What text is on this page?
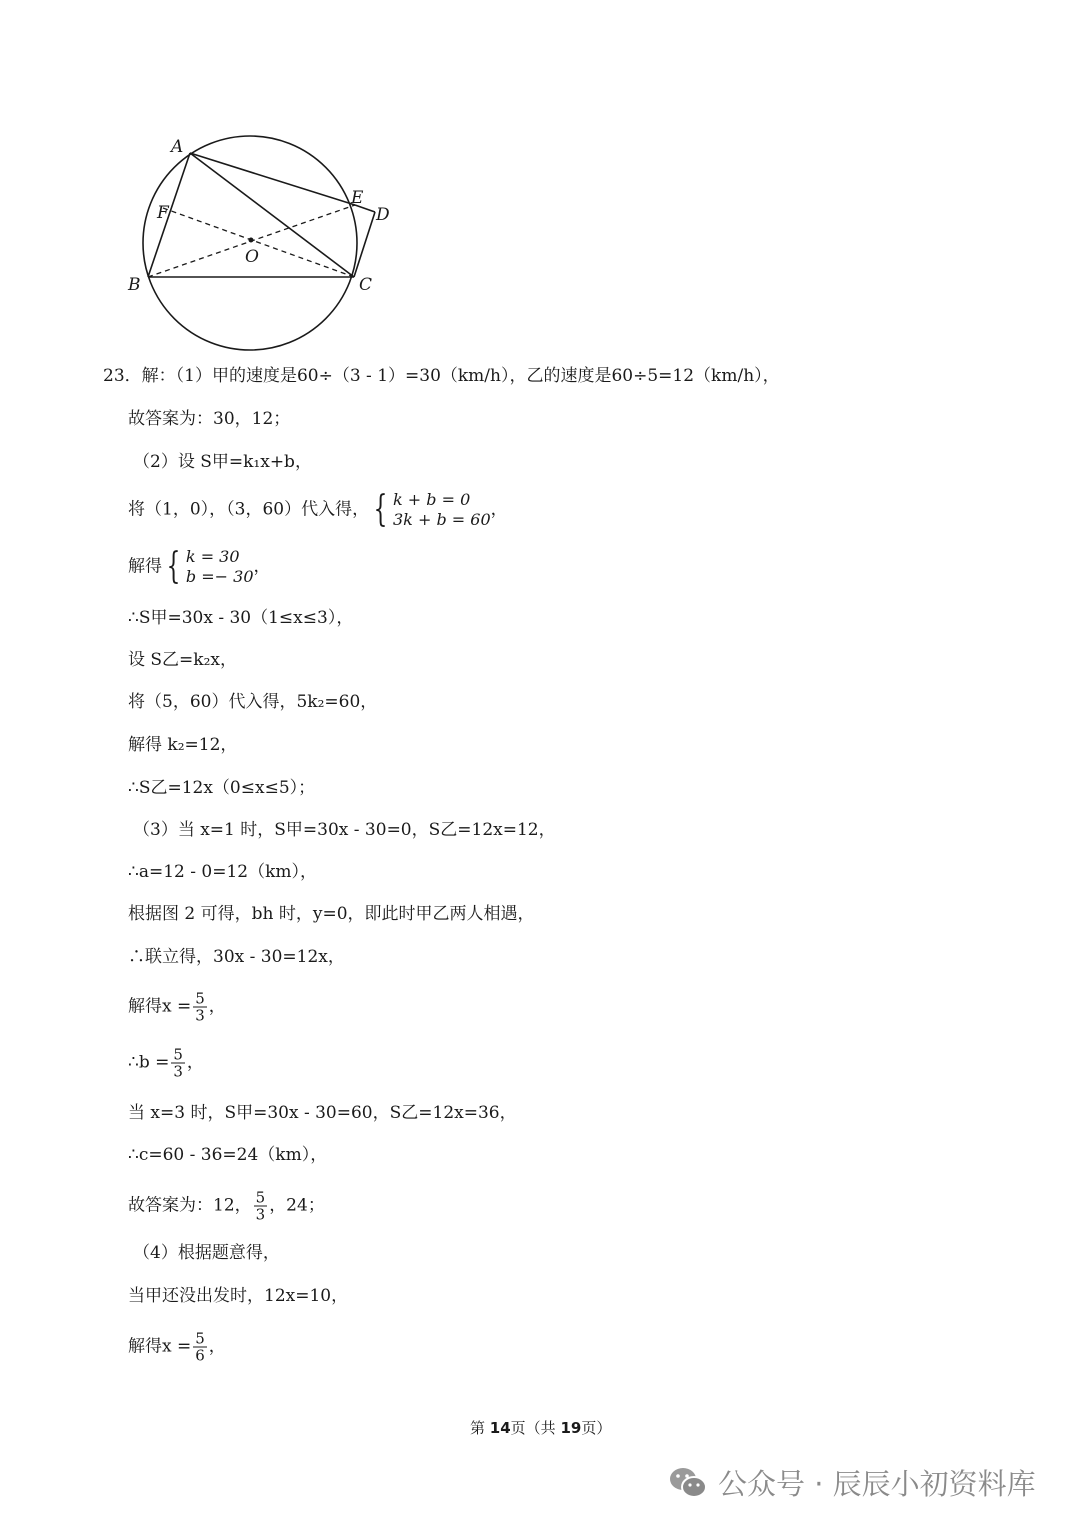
A
B	C
D
E
F
O
23．解：（1）甲的速度是60÷（3 - 1）=30（km/h），乙的速度是60÷5=12（km/h），
故答案为：30，12；
（2）设 S甲=k₁x+b，
将（1，0），（3，60）代入得， { k + b = 0
3k + b = 60 ，
解得 { k = 30
b =− 30 ，
∴S甲=30x - 30（1≤x≤3），
设 S乙=k₂x，
将（5，60）代入得，5k₂=60，
解得 k₂=12，
∴S乙=12x（0≤x≤5）；
（3）当 x=1 时，S甲=30x - 30=0，S乙=12x=12，
∴a=12 - 0=12（km），
根据图 2 可得，bh 时，y=0，即此时甲乙两人相遇，
∴联立得，30x - 30=12x，
解得$x = \frac{5}{3}$ ，
∴b = $\frac{5}{3}$ ，
当 x=3 时，S甲=30x - 30=60，S乙=12x=36，
∴c=60 - 36=24（km），
故答案为：12， $\frac{5}{3}$ ，24；
（4）根据题意得，
当甲还没出发时，12x=10，
解得$x = \frac{5}{6}$ ，
第 14页（共 19页）
公众号 · 辰辰小初资料库
